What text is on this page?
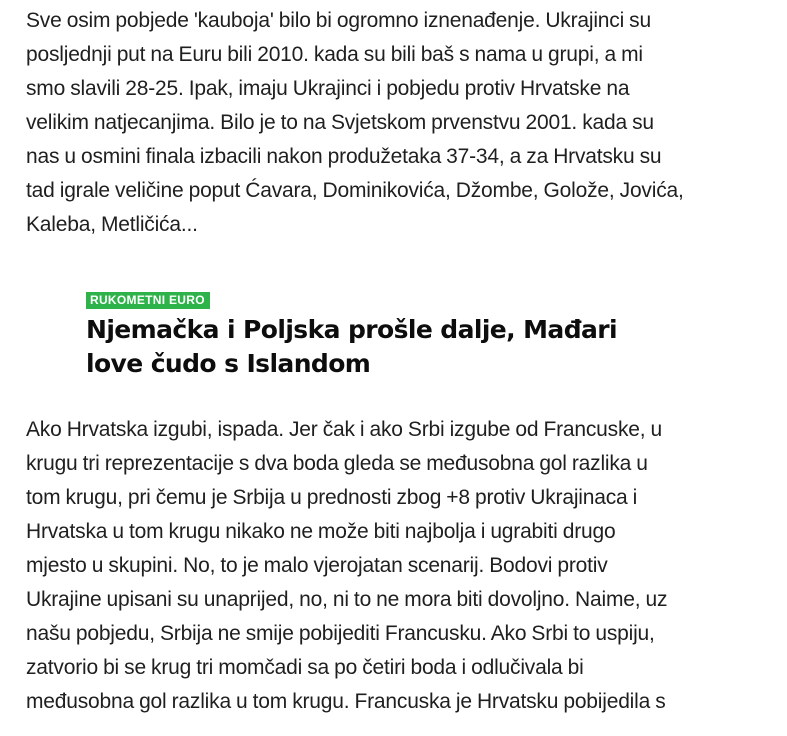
Sve osim pobjede 'kauboja' bilo bi ogromno iznenađenje. Ukrajinci su
posljednji put na Euru bili 2010. kada su bili baš s nama u grupi, a mi
smo slavili 28-25. Ipak, imaju Ukrajinci i pobjedu protiv Hrvatske na
velikim natjecanjima. Bilo je to na Svjetskom prvenstvu 2001. kada su
nas u osmini finala izbacili nakon produžetaka 37-34, a za Hrvatsku su
tad igrale veličine poput Ćavara, Dominikovića, Džombe, Golože, Jovića,
Kaleba, Metličića...

RUKOMETNI EURO
Njemačka i Poljska prošle dalje, Mađari
love čudo s Islandom

Ako Hrvatska izgubi, ispada. Jer čak i ako Srbi izgube od Francuske, u
krugu tri reprezentacije s dva boda gleda se međusobna gol razlika u
tom krugu, pri čemu je Srbija u prednosti zbog +8 protiv Ukrajinaca i
Hrvatska u tom krugu nikako ne može biti najbolja i ugrabiti drugo
mjesto u skupini. No, to je malo vjerojatan scenarij. Bodovi protiv
Ukrajine upisani su unaprijed, no, ni to ne mora biti dovoljno. Naime, uz
našu pobjedu, Srbija ne smije pobijediti Francusku. Ako Srbi to uspiju,
zatvorio bi se krug tri momčadi sa po četiri boda i odlučivala bi
međusobna gol razlika u tom krugu. Francuska je Hrvatsku pobijedila s
